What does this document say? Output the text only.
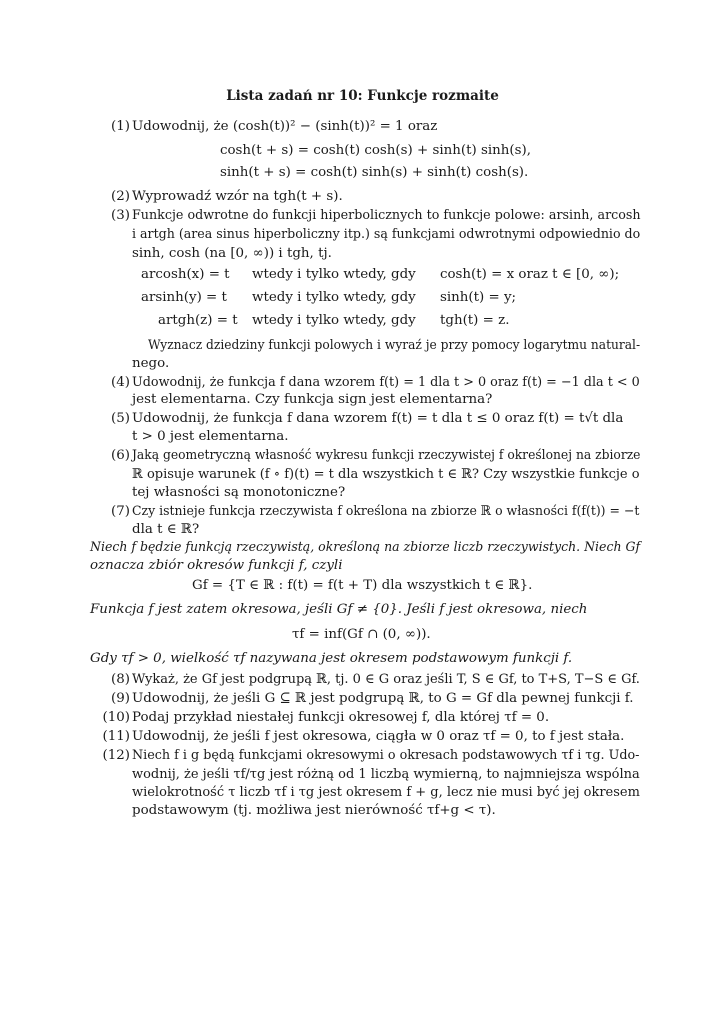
Lista zadań nr 10: Funkcje rozmaite
(1) Udowodnij, że (cosh(t))² − (sinh(t))² = 1 oraz
cosh(t + s) = cosh(t) cosh(s) + sinh(t) sinh(s),
sinh(t + s) = cosh(t) sinh(s) + sinh(t) cosh(s).
(2) Wyprowadź wzór na tgh(t + s).
(3) Funkcje odwrotne do funkcji hiperbolicznych to funkcje polowe: arsinh, arcosh
i artgh (area sinus hiperboliczny itp.) są funkcjami odwrotnymi odpowiednio do
sinh, cosh (na [0, ∞)) i tgh, tj.
arcosh(x) = t wtedy i tylko wtedy, gdy cosh(t) = x oraz t ∈ [0, ∞);
arsinh(y) = t wtedy i tylko wtedy, gdy sinh(t) = y;
artgh(z) = t wtedy i tylko wtedy, gdy tgh(t) = z.
Wyznacz dziedziny funkcji polowych i wyraź je przy pomocy logarytmu natural-
nego.
(4) Udowodnij, że funkcja f dana wzorem f(t) = 1 dla t > 0 oraz f(t) = −1 dla t < 0
jest elementarna. Czy funkcja sign jest elementarna?
(5) Udowodnij, że funkcja f dana wzorem f(t) = t dla t ≤ 0 oraz f(t) = t√t dla
t > 0 jest elementarna.
(6) Jaką geometryczną własność wykresu funkcji rzeczywistej f określonej na zbiorze
ℝ opisuje warunek (f ∘ f)(t) = t dla wszystkich t ∈ ℝ? Czy wszystkie funkcje o
tej własności są monotoniczne?
(7) Czy istnieje funkcja rzeczywista f określona na zbiorze ℝ o własności f(f(t)) = −t
dla t ∈ ℝ?
Niech f będzie funkcją rzeczywistą, określoną na zbiorze liczb rzeczywistych. Niech Gf
oznacza zbiór okresów funkcji f, czyli
Gf = {T ∈ ℝ : f(t) = f(t + T) dla wszystkich t ∈ ℝ}.
Funkcja f jest zatem okresowa, jeśli Gf ≠ {0}. Jeśli f jest okresowa, niech
τf = inf(Gf ∩ (0, ∞)).
Gdy τf > 0, wielkość τf nazywana jest okresem podstawowym funkcji f.
(8) Wykaż, że Gf jest podgrupą ℝ, tj. 0 ∈ G oraz jeśli T, S ∈ Gf, to T+S, T−S ∈ Gf.
(9) Udowodnij, że jeśli G ⊆ ℝ jest podgrupą ℝ, to G = Gf dla pewnej funkcji f.
(10) Podaj przykład niestałej funkcji okresowej f, dla której τf = 0.
(11) Udowodnij, że jeśli f jest okresowa, ciągła w 0 oraz τf = 0, to f jest stała.
(12) Niech f i g będą funkcjami okresowymi o okresach podstawowych τf i τg. Udo-
wodnij, że jeśli τf/τg jest różną od 1 liczbą wymierną, to najmniejsza wspólna
wielokrotność τ liczb τf i τg jest okresem f + g, lecz nie musi być jej okresem
podstawowym (tj. możliwa jest nierówność τf+g < τ).
